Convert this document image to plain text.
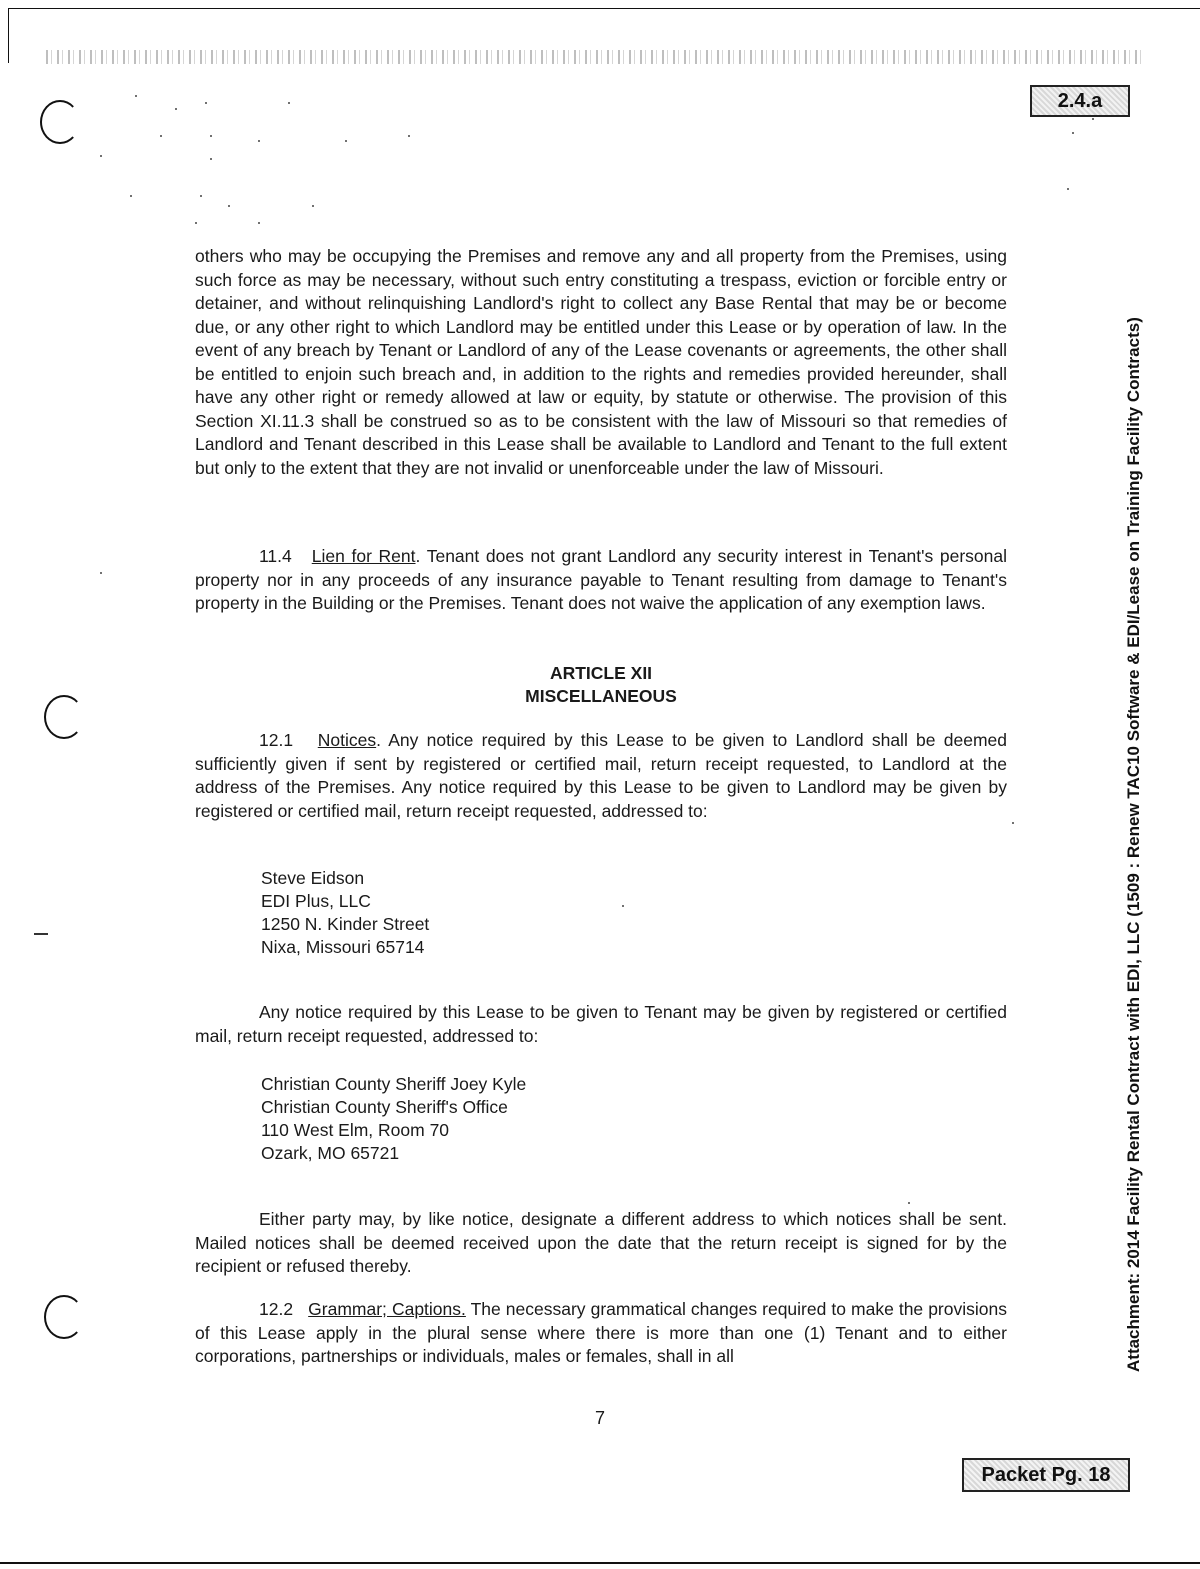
2.4.a
Attachment: 2014 Facility Rental Contract with EDI, LLC (1509 : Renew TAC10 Software & EDI/Lease on Training Facility Contracts)
others who may be occupying the Premises and remove any and all property from the Premises, using such force as may be necessary, without such entry constituting a trespass, eviction or forcible entry or detainer, and without relinquishing Landlord's right to collect any Base Rental that may be or become due, or any other right to which Landlord may be entitled under this Lease or by operation of law. In the event of any breach by Tenant or Landlord of any of the Lease covenants or agreements, the other shall be entitled to enjoin such breach and, in addition to the rights and remedies provided hereunder, shall have any other right or remedy allowed at law or equity, by statute or otherwise. The provision of this Section XI.11.3 shall be construed so as to be consistent with the law of Missouri so that remedies of Landlord and Tenant described in this Lease shall be available to Landlord and Tenant to the full extent but only to the extent that they are not invalid or unenforceable under the law of Missouri.
11.4 Lien for Rent. Tenant does not grant Landlord any security interest in Tenant's personal property nor in any proceeds of any insurance payable to Tenant resulting from damage to Tenant's property in the Building or the Premises. Tenant does not waive the application of any exemption laws.
ARTICLE XII
MISCELLANEOUS
12.1 Notices. Any notice required by this Lease to be given to Landlord shall be deemed sufficiently given if sent by registered or certified mail, return receipt requested, to Landlord at the address of the Premises. Any notice required by this Lease to be given to Landlord may be given by registered or certified mail, return receipt requested, addressed to:
Steve Eidson
EDI Plus, LLC
1250 N. Kinder Street
Nixa, Missouri 65714
Any notice required by this Lease to be given to Tenant may be given by registered or certified mail, return receipt requested, addressed to:
Christian County Sheriff Joey Kyle
Christian County Sheriff's Office
110 West Elm, Room 70
Ozark, MO 65721
Either party may, by like notice, designate a different address to which notices shall be sent. Mailed notices shall be deemed received upon the date that the return receipt is signed for by the recipient or refused thereby.
12.2 Grammar; Captions. The necessary grammatical changes required to make the provisions of this Lease apply in the plural sense where there is more than one (1) Tenant and to either corporations, partnerships or individuals, males or females, shall in all
7
Packet Pg. 18
